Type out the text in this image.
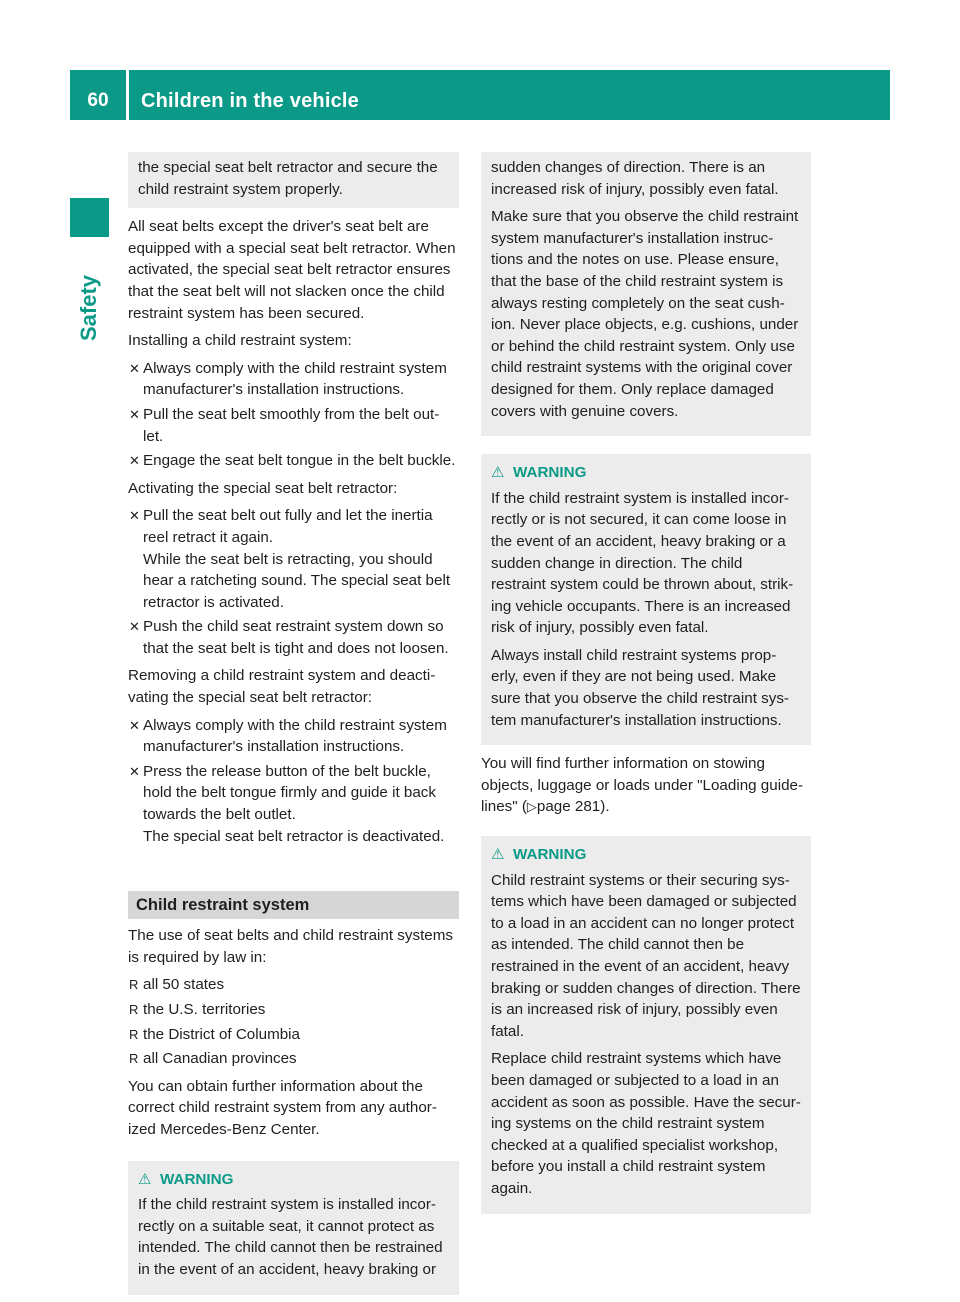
60	Children in the vehicle
Safety
the special seat belt retractor and secure the child restraint system properly.

All seat belts except the driver's seat belt are equipped with a special seat belt retractor. When activated, the special seat belt retractor ensures that the seat belt will not slacken once the child restraint system has been secured.

Installing a child restraint system:

✕ Always comply with the child restraint system manufacturer's installation instructions.
✕ Pull the seat belt smoothly from the belt out-let.
✕ Engage the seat belt tongue in the belt buckle.

Activating the special seat belt retractor:

✕ Pull the seat belt out fully and let the inertia reel retract it again.
While the seat belt is retracting, you should hear a ratcheting sound. The special seat belt retractor is activated.
✕ Push the child seat restraint system down so that the seat belt is tight and does not loosen.

Removing a child restraint system and deacti-vating the special seat belt retractor:

✕ Always comply with the child restraint system manufacturer's installation instructions.
✕ Press the release button of the belt buckle, hold the belt tongue firmly and guide it back towards the belt outlet.
The special seat belt retractor is deactivated.
Child restraint system

The use of seat belts and child restraint systems is required by law in:

R all 50 states
R the U.S. territories
R the District of Columbia
R all Canadian provinces

You can obtain further information about the correct child restraint system from any author-ized Mercedes-Benz Center.

⚠ WARNING

If the child restraint system is installed incor-rectly on a suitable seat, it cannot protect as intended. The child cannot then be restrained in the event of an accident, heavy braking or

sudden changes of direction. There is an increased risk of injury, possibly even fatal.

Make sure that you observe the child restraint system manufacturer's installation instruc-tions and the notes on use. Please ensure, that the base of the child restraint system is always resting completely on the seat cush-ion. Never place objects, e.g. cushions, under or behind the child restraint system. Only use child restraint systems with the original cover designed for them. Only replace damaged covers with genuine covers.

⚠ WARNING

If the child restraint system is installed incor-rectly or is not secured, it can come loose in the event of an accident, heavy braking or a sudden change in direction. The child restraint system could be thrown about, strik-ing vehicle occupants. There is an increased risk of injury, possibly even fatal.

Always install child restraint systems prop-erly, even if they are not being used. Make sure that you observe the child restraint sys-tem manufacturer's installation instructions.

You will find further information on stowing objects, luggage or loads under "Loading guide-lines" (▷page 281).

⚠ WARNING

Child restraint systems or their securing sys-tems which have been damaged or subjected to a load in an accident can no longer protect as intended. The child cannot then be restrained in the event of an accident, heavy braking or sudden changes of direction. There is an increased risk of injury, possibly even fatal.

Replace child restraint systems which have been damaged or subjected to a load in an accident as soon as possible. Have the secur-ing systems on the child restraint system checked at a qualified specialist workshop, before you install a child restraint system again.
